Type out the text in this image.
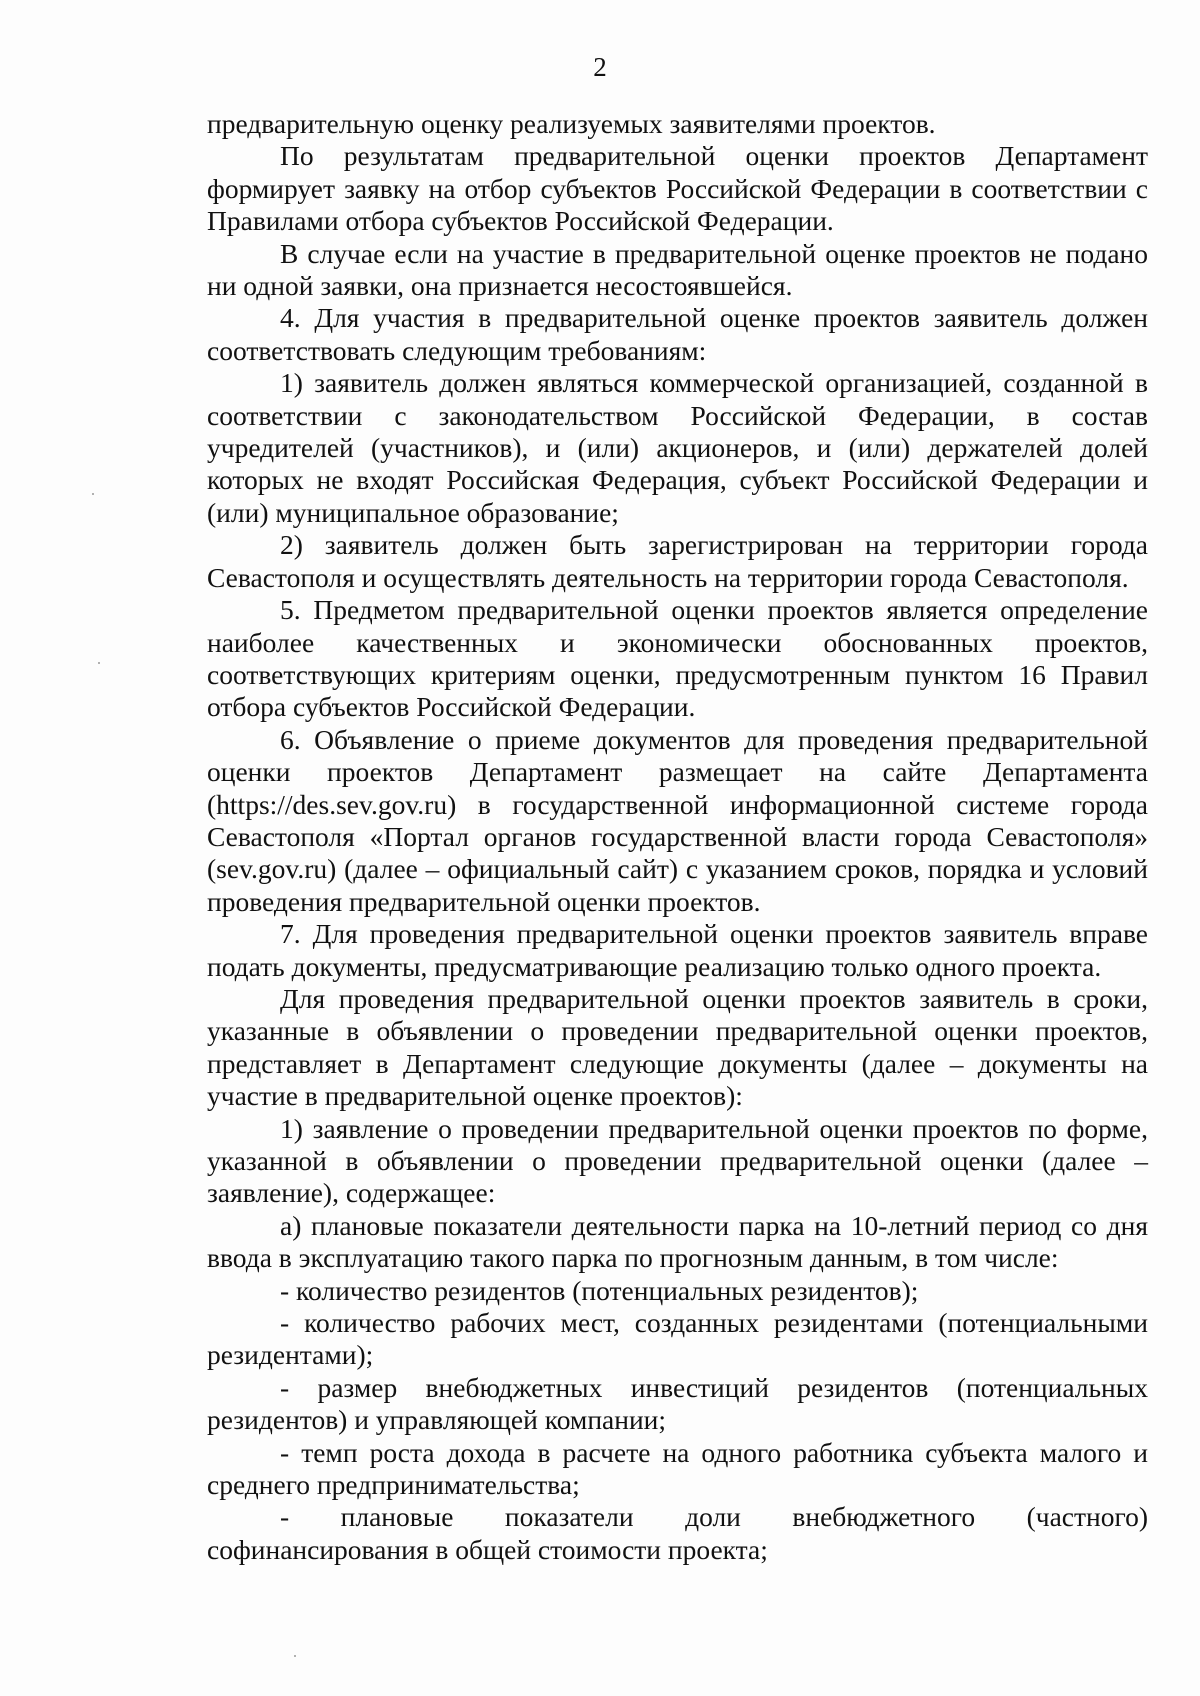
2

предварительную оценку реализуемых заявителями проектов.

По результатам предварительной оценки проектов Департамент формирует заявку на отбор субъектов Российской Федерации в соответствии с Правилами отбора субъектов Российской Федерации.

В случае если на участие в предварительной оценке проектов не подано ни одной заявки, она признается несостоявшейся.

4. Для участия в предварительной оценке проектов заявитель должен соответствовать следующим требованиям:

1) заявитель должен являться коммерческой организацией, созданной в соответствии с законодательством Российской Федерации, в состав учредителей (участников), и (или) акционеров, и (или) держателей долей которых не входят Российская Федерация, субъект Российской Федерации и (или) муниципальное образование;

2) заявитель должен быть зарегистрирован на территории города Севастополя и осуществлять деятельность на территории города Севастополя.

5. Предметом предварительной оценки проектов является определение наиболее качественных и экономически обоснованных проектов, соответствующих критериям оценки, предусмотренным пунктом 16 Правил отбора субъектов Российской Федерации.

6. Объявление о приеме документов для проведения предварительной оценки проектов Департамент размещает на сайте Департамента (https://des.sev.gov.ru) в государственной информационной системе города Севастополя «Портал органов государственной власти города Севастополя» (sev.gov.ru) (далее – официальный сайт) с указанием сроков, порядка и условий проведения предварительной оценки проектов.

7. Для проведения предварительной оценки проектов заявитель вправе подать документы, предусматривающие реализацию только одного проекта.

Для проведения предварительной оценки проектов заявитель в сроки, указанные в объявлении о проведении предварительной оценки проектов, представляет в Департамент следующие документы (далее – документы на участие в предварительной оценке проектов):

1) заявление о проведении предварительной оценки проектов по форме, указанной в объявлении о проведении предварительной оценки (далее – заявление), содержащее:

а) плановые показатели деятельности парка на 10-летний период со дня ввода в эксплуатацию такого парка по прогнозным данным, в том числе:

- количество резидентов (потенциальных резидентов);

- количество рабочих мест, созданных резидентами (потенциальными резидентами);

- размер внебюджетных инвестиций резидентов (потенциальных резидентов) и управляющей компании;

- темп роста дохода в расчете на одного работника субъекта малого и среднего предпринимательства;

- плановые показатели доли внебюджетного (частного) софинансирования в общей стоимости проекта;
